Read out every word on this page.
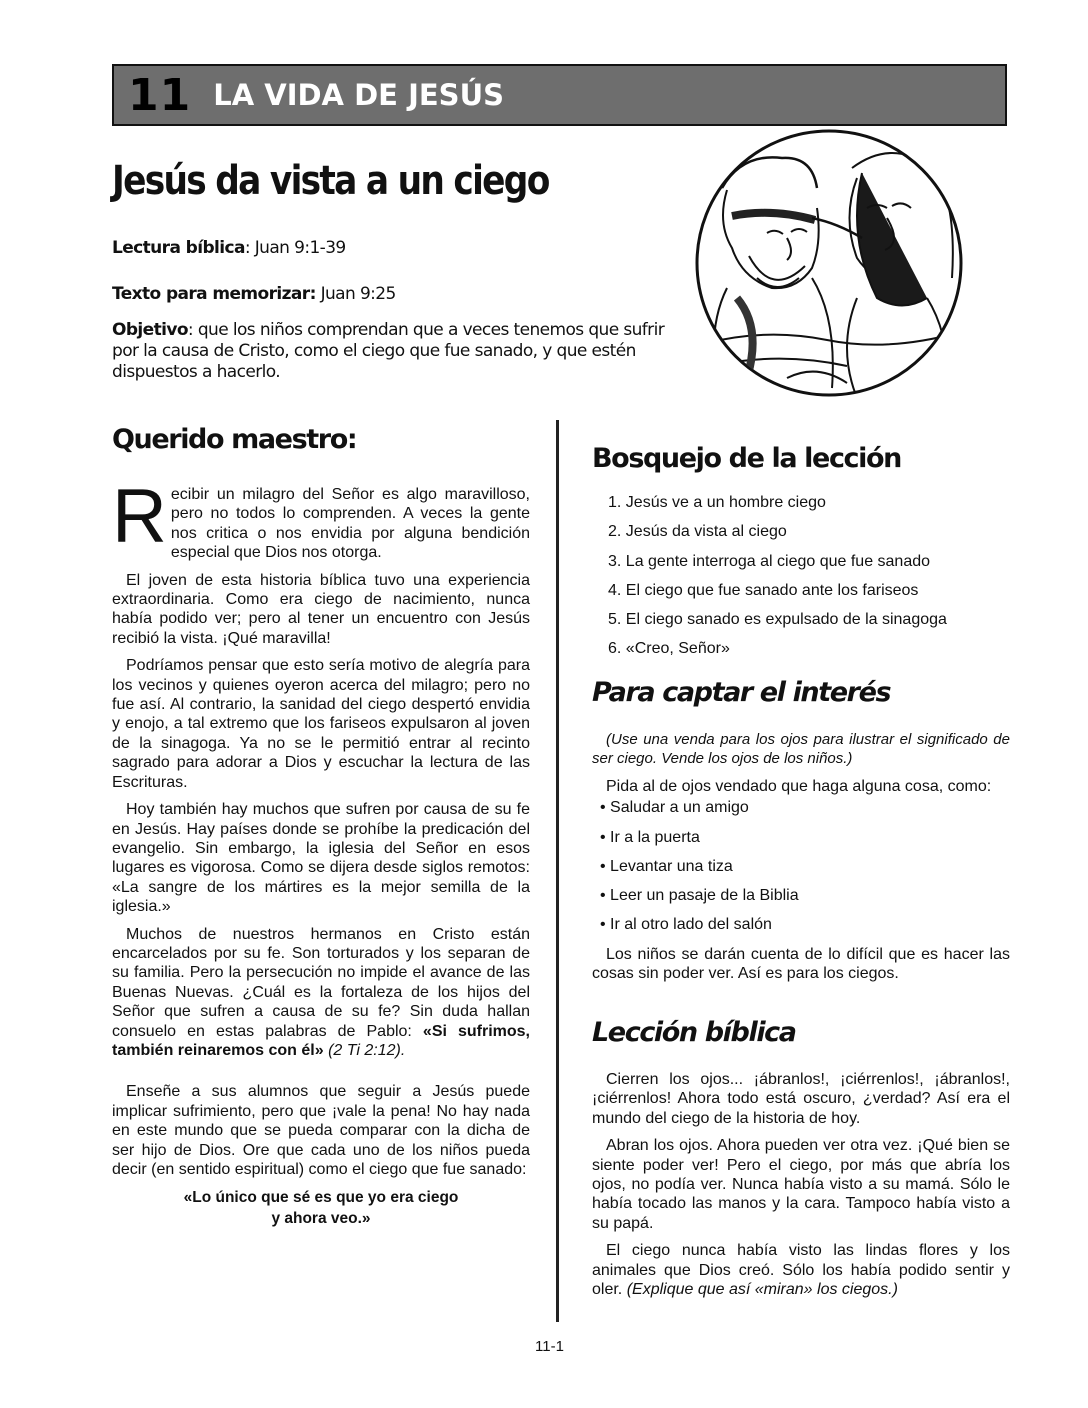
11 LA VIDA DE JESÚS
Jesús da vista a un ciego
Lectura bíblica: Juan 9:1-39
Texto para memorizar: Juan 9:25
Objetivo: que los niños comprendan que a veces tenemos que sufrir por la causa de Cristo, como el ciego que fue sanado, y que estén dispuestos a hacerlo.
Querido maestro:

Recibir un milagro del Señor es algo maravilloso, pero no todos lo comprenden. A veces la gente nos critica o nos envidia por alguna bendición especial que Dios nos otorga.

El joven de esta historia bíblica tuvo una experiencia extraordinaria. Como era ciego de nacimiento, nunca había podido ver; pero al tener un encuentro con Jesús recibió la vista. ¡Qué maravilla!

Podríamos pensar que esto sería motivo de alegría para los vecinos y quienes oyeron acerca del milagro; pero no fue así. Al contrario, la sanidad del ciego despertó envidia y enojo, a tal extremo que los fariseos expulsaron al joven de la sinagoga. Ya no se le permitió entrar al recinto sagrado para adorar a Dios y escuchar la lectura de las Escrituras.

Hoy también hay muchos que sufren por causa de su fe en Jesús. Hay países donde se prohíbe la predicación del evangelio. Sin embargo, la iglesia del Señor en esos lugares es vigorosa. Como se dijera desde siglos remotos: «La sangre de los mártires es la mejor semilla de la iglesia.»

Muchos de nuestros hermanos en Cristo están encarcelados por su fe. Son torturados y los separan de su familia. Pero la persecución no impide el avance de las Buenas Nuevas. ¿Cuál es la fortaleza de los hijos del Señor que sufren a causa de su fe? Sin duda hallan consuelo en estas palabras de Pablo: «Si sufrimos, también reinaremos con él» (2 Ti 2:12).

Enseñe a sus alumnos que seguir a Jesús puede implicar sufrimiento, pero que ¡vale la pena! No hay nada en este mundo que se pueda comparar con la dicha de ser hijo de Dios. Ore que cada uno de los niños pueda decir (en sentido espiritual) como el ciego que fue sanado:

«Lo único que sé es que yo era ciego
y ahora veo.»
Bosquejo de la lección
1. Jesús ve a un hombre ciego
2. Jesús da vista al ciego
3. La gente interroga al ciego que fue sanado
4. El ciego que fue sanado ante los fariseos
5. El ciego sanado es expulsado de la sinagoga
6. «Creo, Señor»
Para captar el interés

(Use una venda para los ojos para ilustrar el significado de ser ciego. Vende los ojos de los niños.)

Pida al de ojos vendado que haga alguna cosa, como:

• Saludar a un amigo
• Ir a la puerta
• Levantar una tiza
• Leer un pasaje de la Biblia
• Ir al otro lado del salón

Los niños se darán cuenta de lo difícil que es hacer las cosas sin poder ver. Así es para los ciegos.

Lección bíblica

Cierren los ojos... ¡ábranlos!, ¡ciérrenlos!, ¡ábranlos!, ¡ciérrenlos! Ahora todo está oscuro, ¿verdad? Así era el mundo del ciego de la historia de hoy.

Abran los ojos. Ahora pueden ver otra vez. ¡Qué bien se siente poder ver! Pero el ciego, por más que abría los ojos, no podía ver. Nunca había visto a su mamá. Sólo le había tocado las manos y la cara. Tampoco había visto a su papá.

El ciego nunca había visto las lindas flores y los animales que Dios creó. Sólo los había podido sentir y oler. (Explique que así «miran» los ciegos.)

11-1
